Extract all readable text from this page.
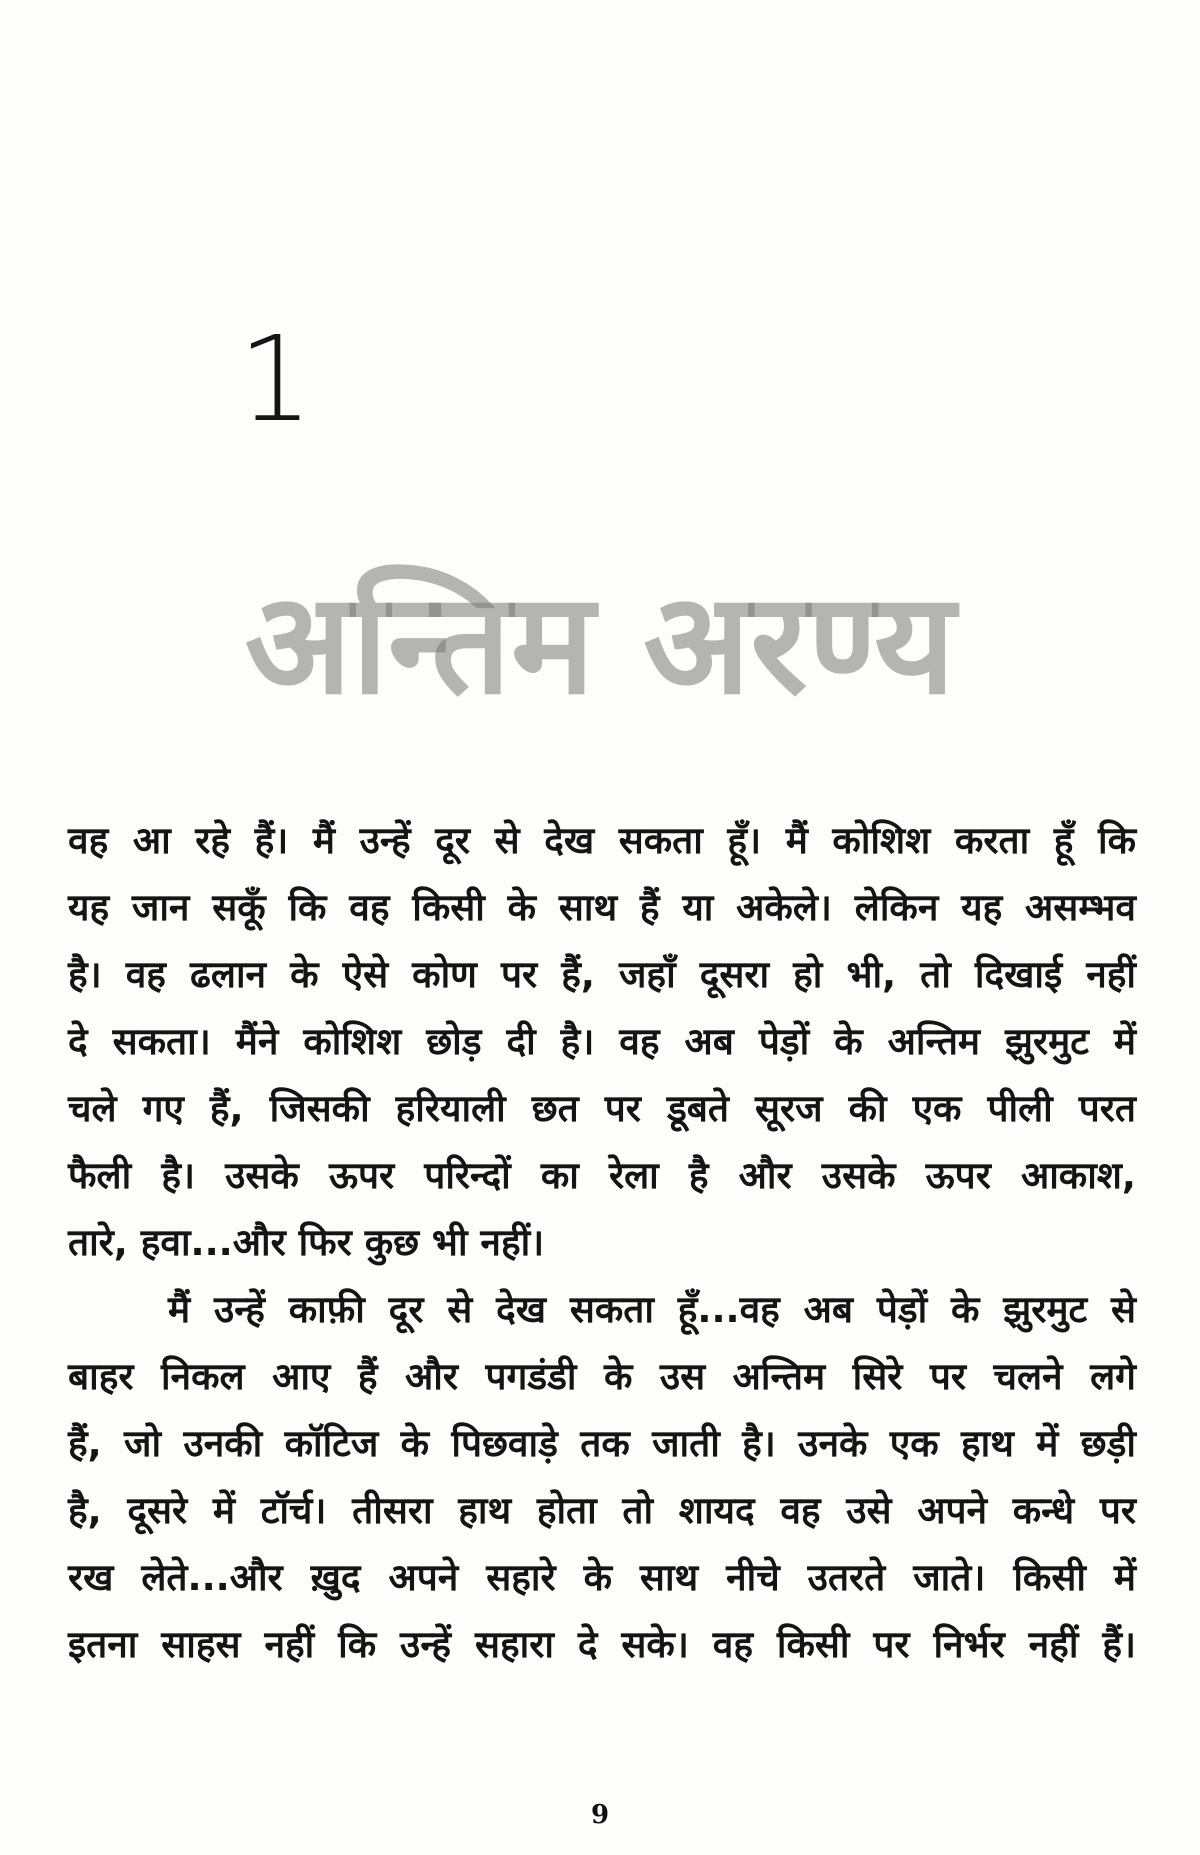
1
अन्तिम अरण्य
वह आ रहे हैं। मैं उन्हें दूर से देख सकता हूँ। मैं कोशिश करता हूँ कि
यह जान सकूँ कि वह किसी के साथ हैं या अकेले। लेकिन यह असम्भव
है। वह ढलान के ऐसे कोण पर हैं, जहाँ दूसरा हो भी, तो दिखाई नहीं
दे सकता। मैंने कोशिश छोड़ दी है। वह अब पेड़ों के अन्तिम झुरमुट में
चले गए हैं, जिसकी हरियाली छत पर डूबते सूरज की एक पीली परत
फैली है। उसके ऊपर परिन्दों का रेला है और उसके ऊपर आकाश,
तारे, हवा...और फिर कुछ भी नहीं।
मैं उन्हें काफ़ी दूर से देख सकता हूँ...वह अब पेड़ों के झुरमुट से
बाहर निकल आए हैं और पगडंडी के उस अन्तिम सिरे पर चलने लगे
हैं, जो उनकी कॉटिज के पिछवाड़े तक जाती है। उनके एक हाथ में छड़ी
है, दूसरे में टॉर्च। तीसरा हाथ होता तो शायद वह उसे अपने कन्धे पर
रख लेते...और ख़ुद अपने सहारे के साथ नीचे उतरते जाते। किसी में
इतना साहस नहीं कि उन्हें सहारा दे सके। वह किसी पर निर्भर नहीं हैं।
9
